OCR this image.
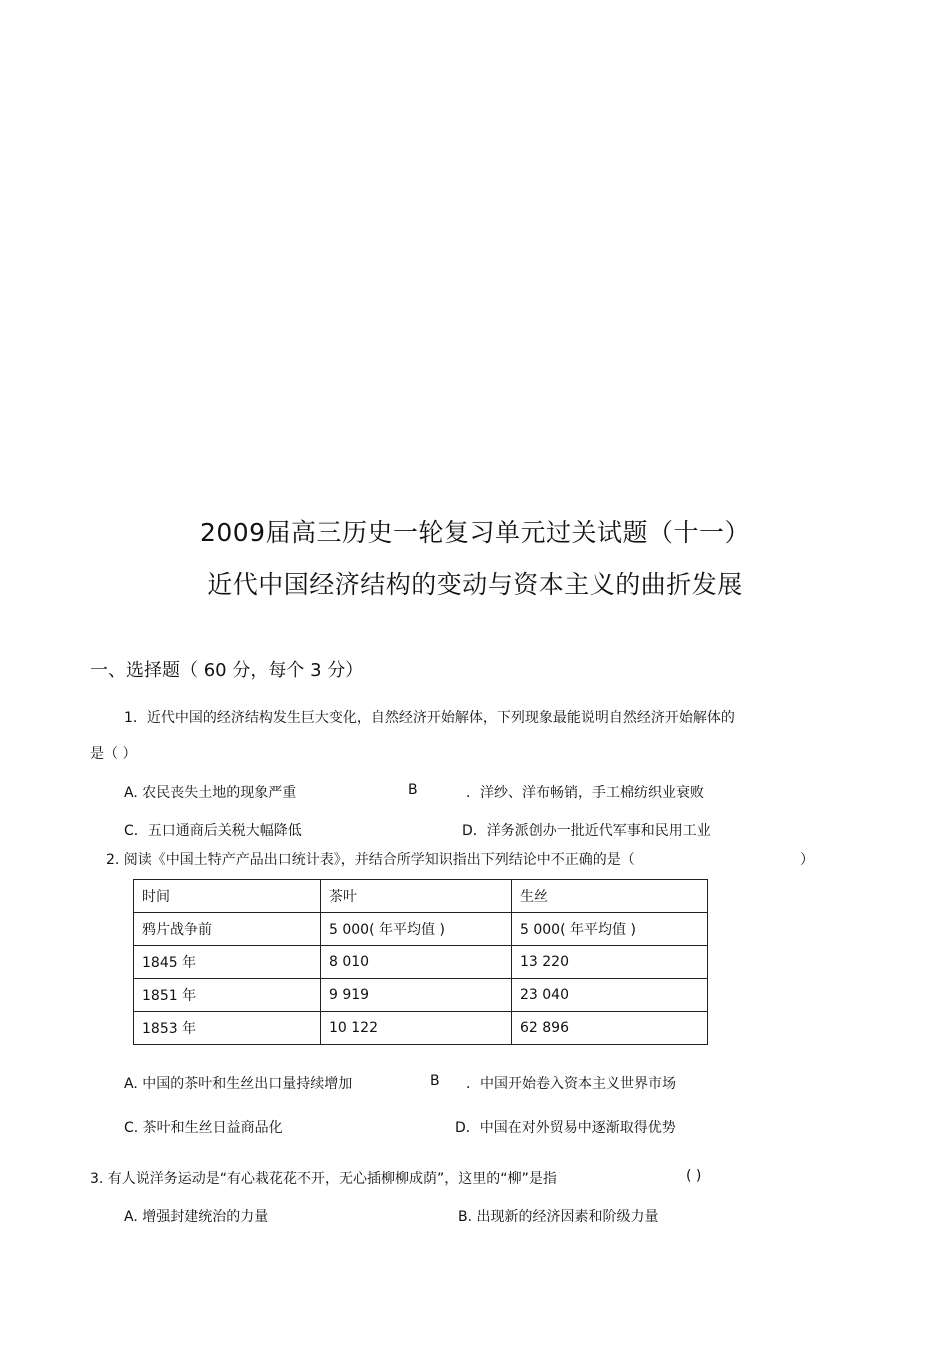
2009届高三历史一轮复习单元过关试题（十一）
近代中国经济结构的变动与资本主义的曲折发展
一、选择题（ 60 分，每个 3 分）
1．近代中国的经济结构发生巨大变化，自然经济开始解体，下列现象最能说明自然经济开始解体的
是（ ）
A. 农民丧失土地的现象严重	B	．洋纱、洋布畅销，手工棉纺织业衰败
C．五口通商后关税大幅降低	D．洋务派创办一批近代军事和民用工业
2. 阅读《中国土特产产品出口统计表》，并结合所学知识指出下列结论中不正确的是（	）
时间	茶叶	生丝
鸦片战争前	5 000( 年平均值 )	5 000( 年平均值 )
1845 年	8 010	13 220
1851 年	9 919	23 040
1853 年	10 122	62 896
A. 中国的茶叶和生丝出口量持续增加	B ．中国开始卷入资本主义世界市场
C. 茶叶和生丝日益商品化	D．中国在对外贸易中逐渐取得优势
3. 有人说洋务运动是“有心栽花花不开，无心插柳柳成荫”，这里的“柳”是指	( )
A. 增强封建统治的力量	B. 出现新的经济因素和阶级力量
